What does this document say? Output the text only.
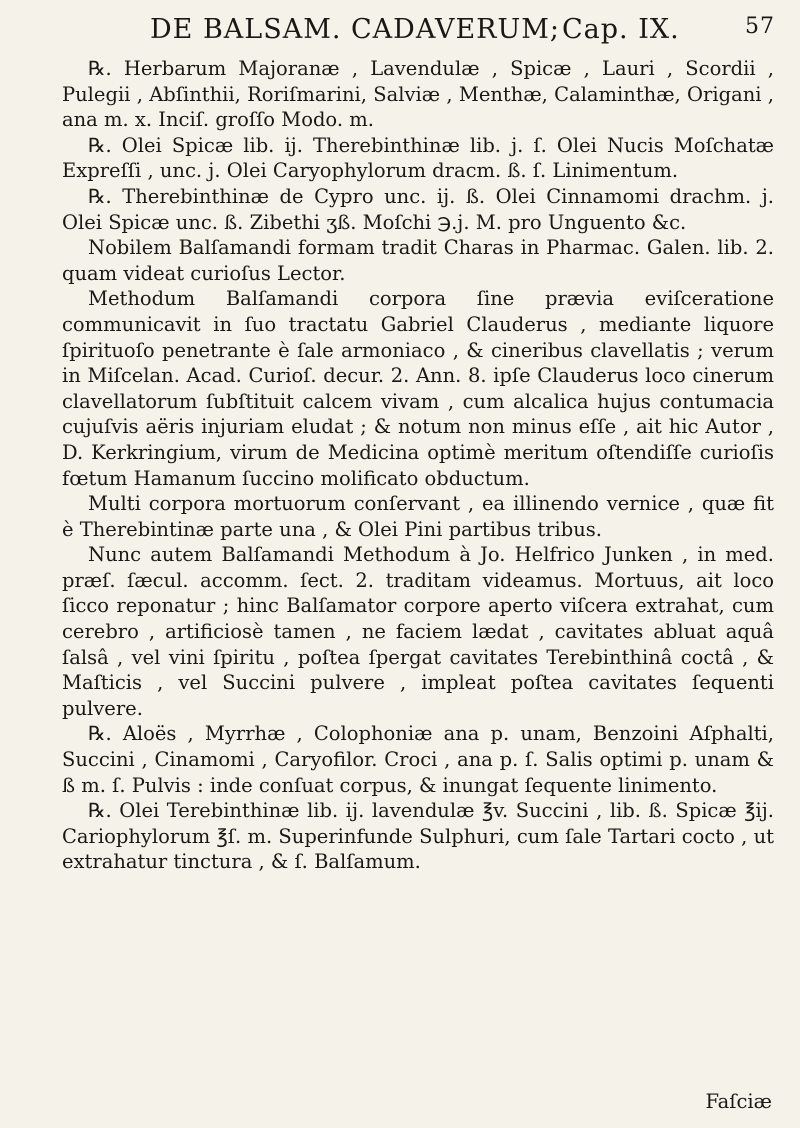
DE BALSAM. CADAVERUM; Cap. IX.	57

℞. Herbarum Majoranæ , Lavendulæ , Spicæ , Lauri , Scordii , Pulegii , Abſinthii, Roriſmarini, Salviæ , Menthæ, Calaminthæ, Origani , ana m. x. Inciſ. groſſo Modo. m.

℞. Olei Spicæ lib. ij. Therebinthinæ lib. j. ſ. Olei Nucis Moſchatæ Expreſſi , unc. j. Olei Caryophylorum dracm. ß. ſ. Linimentum.

℞. Therebinthinæ de Cypro unc. ij. ß. Olei Cinnamomi drachm. j. Olei Spicæ unc. ß. Zibethi ʒß. Moſchi ℈.j. M. pro Unguento &c.

Nobilem Balſamandi formam tradit Charas in Pharmac. Galen. lib. 2. quam videat curioſus Lector.

Methodum Balſamandi corpora ſine prævia eviſceratione communicavit in ſuo tractatu Gabriel Clauderus , mediante liquore ſpirituoſo penetrante è ſale armoniaco , & cineribus clavellatis ; verum in Miſcelan. Acad. Curioſ. decur. 2. Ann. 8. ipſe Clauderus loco cinerum clavellatorum ſubſtituit calcem vivam , cum alcalica hujus contumacia cujuſvis aëris injuriam eludat ; & notum non minus eſſe , ait hic Autor , D. Kerkringium, virum de Medicina optimè meritum oſtendiſſe curioſis fœtum Hamanum ſuccino molificato obductum.

Multi corpora mortuorum conſervant , ea illinendo vernice , quæ fit è Therebintinæ parte una , & Olei Pini partibus tribus.

Nunc autem Balſamandi Methodum à Jo. Helfrico Junken , in med. præſ. ſæcul. accomm. ſect. 2. traditam videamus. Mortuus, ait loco ſicco reponatur ; hinc Balſamator corpore aperto viſcera extrahat, cum cerebro , artificiosè tamen , ne faciem lædat , cavitates abluat aquâ ſalsâ , vel vini ſpiritu , poſtea ſpergat cavitates Terebinthinâ coctâ , & Maſticis , vel Succini pulvere , impleat poſtea cavitates ſequenti pulvere.

℞. Aloës , Myrrhæ , Colophoniæ ana p. unam, Benzoini Aſphalti, Succini , Cinamomi , Caryofilor. Croci , ana p. ſ. Salis optimi p. unam & ß m. ſ. Pulvis : inde conſuat corpus, & inungat ſequente linimento.

℞. Olei Terebinthinæ lib. ij. lavendulæ ℥v. Succini , lib. ß. Spicæ ℥ij. Cariophylorum ℥ſ. m. Superinfunde Sulphuri, cum ſale Tartari cocto , ut extrahatur tinctura , & ſ. Balſamum.

Faſciæ
